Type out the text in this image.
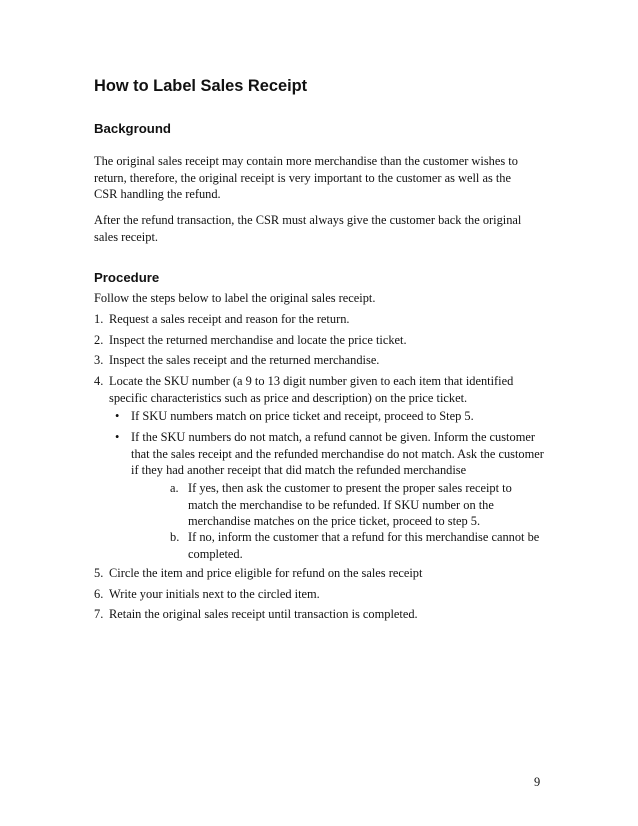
How to Label Sales Receipt
Background

The original sales receipt may contain more merchandise than the customer wishes to return, therefore, the original receipt is very important to the customer as well as the CSR handling the refund.

After the refund transaction, the CSR must always give the customer back the original sales receipt.

Procedure

Follow the steps below to label the original sales receipt.

1. Request a sales receipt and reason for the return.
2. Inspect the returned merchandise and locate the price ticket.
3. Inspect the sales receipt and the returned merchandise.
4. Locate the SKU number (a 9 to 13 digit number given to each item that identified specific characteristics such as price and description) on the price ticket.
• If SKU numbers match on price ticket and receipt, proceed to Step 5.
• If the SKU numbers do not match, a refund cannot be given. Inform the customer that the sales receipt and the refunded merchandise do not match. Ask the customer if they had another receipt that did match the refunded merchandise
a. If yes, then ask the customer to present the proper sales receipt to match the merchandise to be refunded. If SKU number on the merchandise matches on the price ticket, proceed to step 5.
b. If no, inform the customer that a refund for this merchandise cannot be completed.
5. Circle the item and price eligible for refund on the sales receipt
6. Write your initials next to the circled item.
7. Retain the original sales receipt until transaction is completed.
9
